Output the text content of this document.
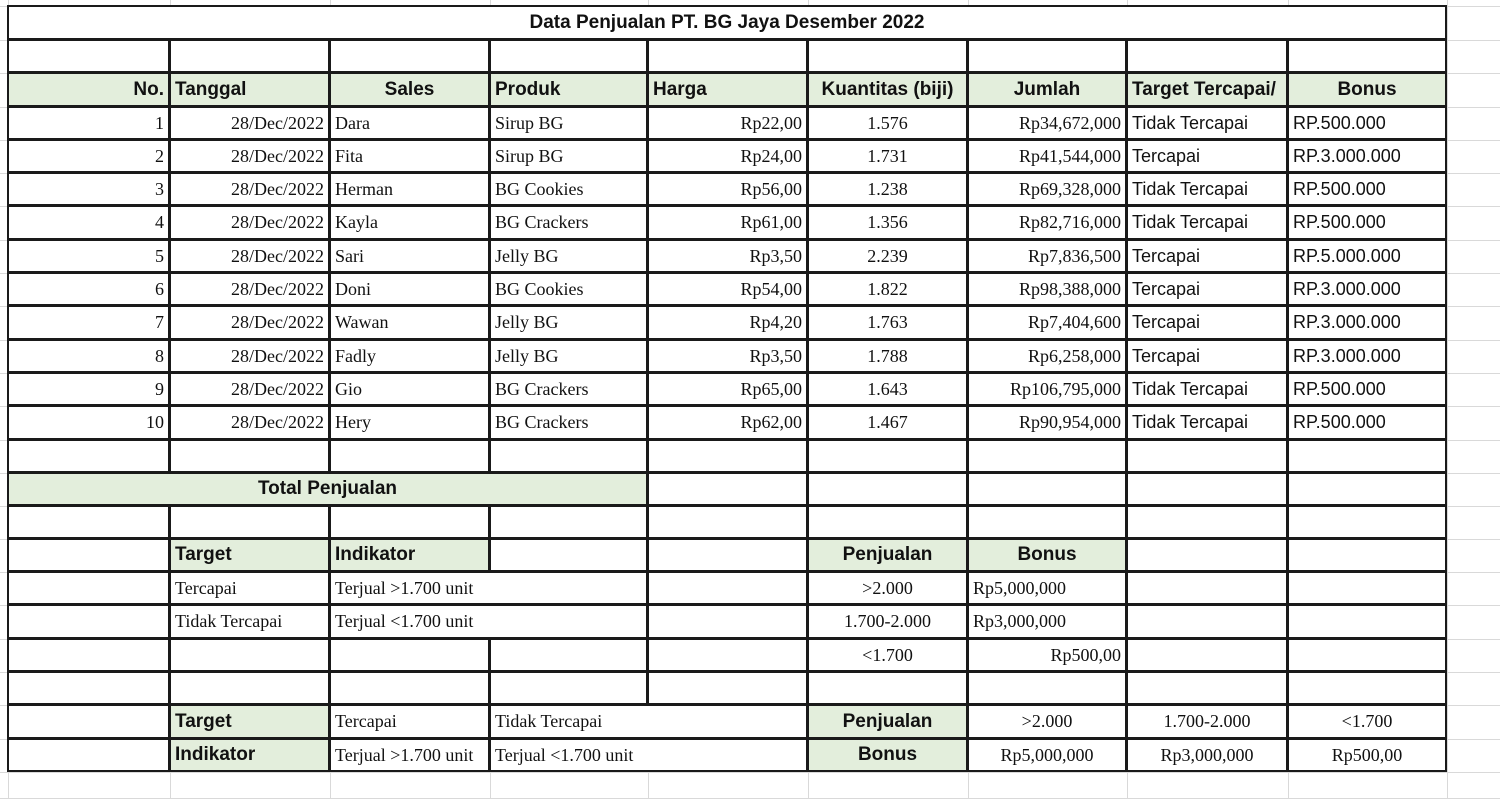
Data Penjualan PT. BG Jaya Desember 2022
No. Tanggal	Sales	Produk	Harga	Kuantitas (biji)	Jumlah	Target Tercapai/	Bonus
1	28/Dec/2022 Dara	Sirup BG	Rp22,00	1.576	Rp34,672,000 Tidak Tercapai	RP.500.000
2	28/Dec/2022 Fita	Sirup BG	Rp24,00	1.731	Rp41,544,000 Tercapai	RP.3.000.000
3	28/Dec/2022 Herman	BG Cookies	Rp56,00	1.238	Rp69,328,000 Tidak Tercapai	RP.500.000
4	28/Dec/2022 Kayla	BG Crackers	Rp61,00	1.356	Rp82,716,000 Tidak Tercapai	RP.500.000
5	28/Dec/2022 Sari	Jelly BG	Rp3,50	2.239	Rp7,836,500 Tercapai	RP.5.000.000
6	28/Dec/2022 Doni	BG Cookies	Rp54,00	1.822	Rp98,388,000 Tercapai	RP.3.000.000
7	28/Dec/2022 Wawan	Jelly BG	Rp4,20	1.763	Rp7,404,600 Tercapai	RP.3.000.000
8	28/Dec/2022 Fadly	Jelly BG	Rp3,50	1.788	Rp6,258,000 Tercapai	RP.3.000.000
9	28/Dec/2022 Gio	BG Crackers	Rp65,00	1.643	Rp106,795,000 Tidak Tercapai	RP.500.000
10	28/Dec/2022 Hery	BG Crackers	Rp62,00	1.467	Rp90,954,000 Tidak Tercapai	RP.500.000
Total Penjualan
Target	Indikator	Penjualan	Bonus
Tercapai	Terjual >1.700 unit	>2.000	Rp5,000,000
Tidak Tercapai	Terjual <1.700 unit	1.700-2.000	Rp3,000,000
<1.700	Rp500,00
Target	Tercapai	Tidak Tercapai	Penjualan	>2.000	1.700-2.000	<1.700
Indikator	Terjual >1.700 unit	Terjual <1.700 unit	Bonus	Rp5,000,000	Rp3,000,000	Rp500,00
